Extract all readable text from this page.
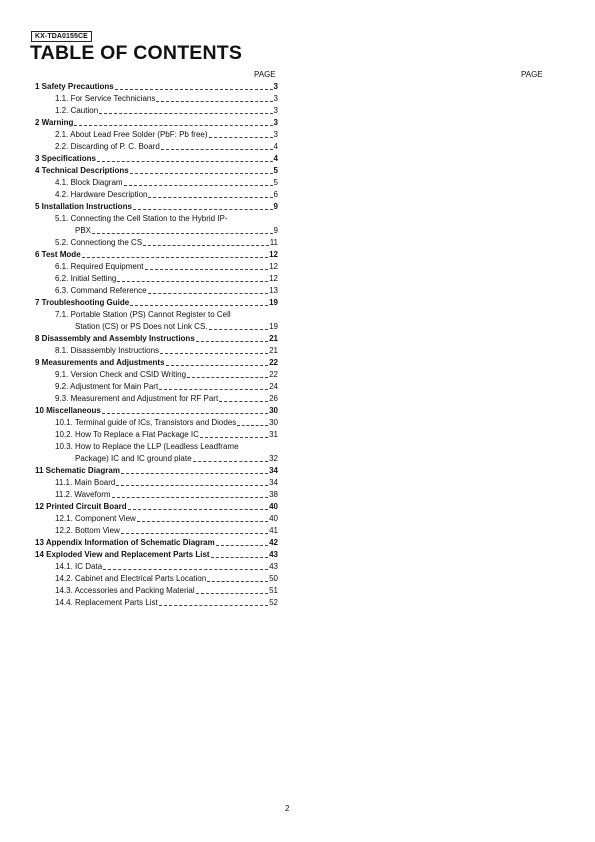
KX-TDA0155CE
TABLE OF CONTENTS
PAGE	PAGE
1 Safety Precautions	3
1.1. For Service Technicians	3
1.2. Caution	3
2 Warning	3
2.1. About Lead Free Solder (PbF: Pb free)	3
2.2. Discarding of P. C. Board	4
3 Specifications	4
4 Technical Descriptions	5
4.1. Block Diagram	5
4.2. Hardware Description	6
5 Installation Instructions	9
5.1. Connecting the Cell Station to the Hybrid IP-
PBX	9
5.2. Connectiong the CS	11
6 Test Mode	12
6.1. Required Equipment	12
6.2. Initial Setting	12
6.3. Command Reference	13
7 Troubleshooting Guide	19
7.1. Portable Station (PS) Cannot Register to Cell
Station (CS) or PS Does not Link CS.	19
8 Disassembly and Assembly Instructions	21
8.1. Disassembly Instructions	21
9 Measurements and Adjustments	22
9.1. Version Check and CSID Writing	22
9.2. Adjustment for Main Part	24
9.3. Measurement and Adjustment for RF Part	26
10 Miscellaneous	30
10.1. Terminal guide of ICs, Transistors and Diodes	30
10.2. How To Replace a Flat Package IC	31
10.3. How to Replace the LLP (Leadless Leadframe
Package) IC and IC ground plate	32
11 Schematic Diagram	34
11.1. Main Board	34
11.2. Waveform	38
12 Printed Circuit Board	40
12.1. Component View	40
12.2. Bottom View	41
13 Appendix Information of Schematic Diagram	42
14 Exploded View and Replacement Parts List	43
14.1. IC Data	43
14.2. Cabinet and Electrical Parts Location	50
14.3. Accessories and Packing Material	51
14.4. Replacement Parts List	52
2
